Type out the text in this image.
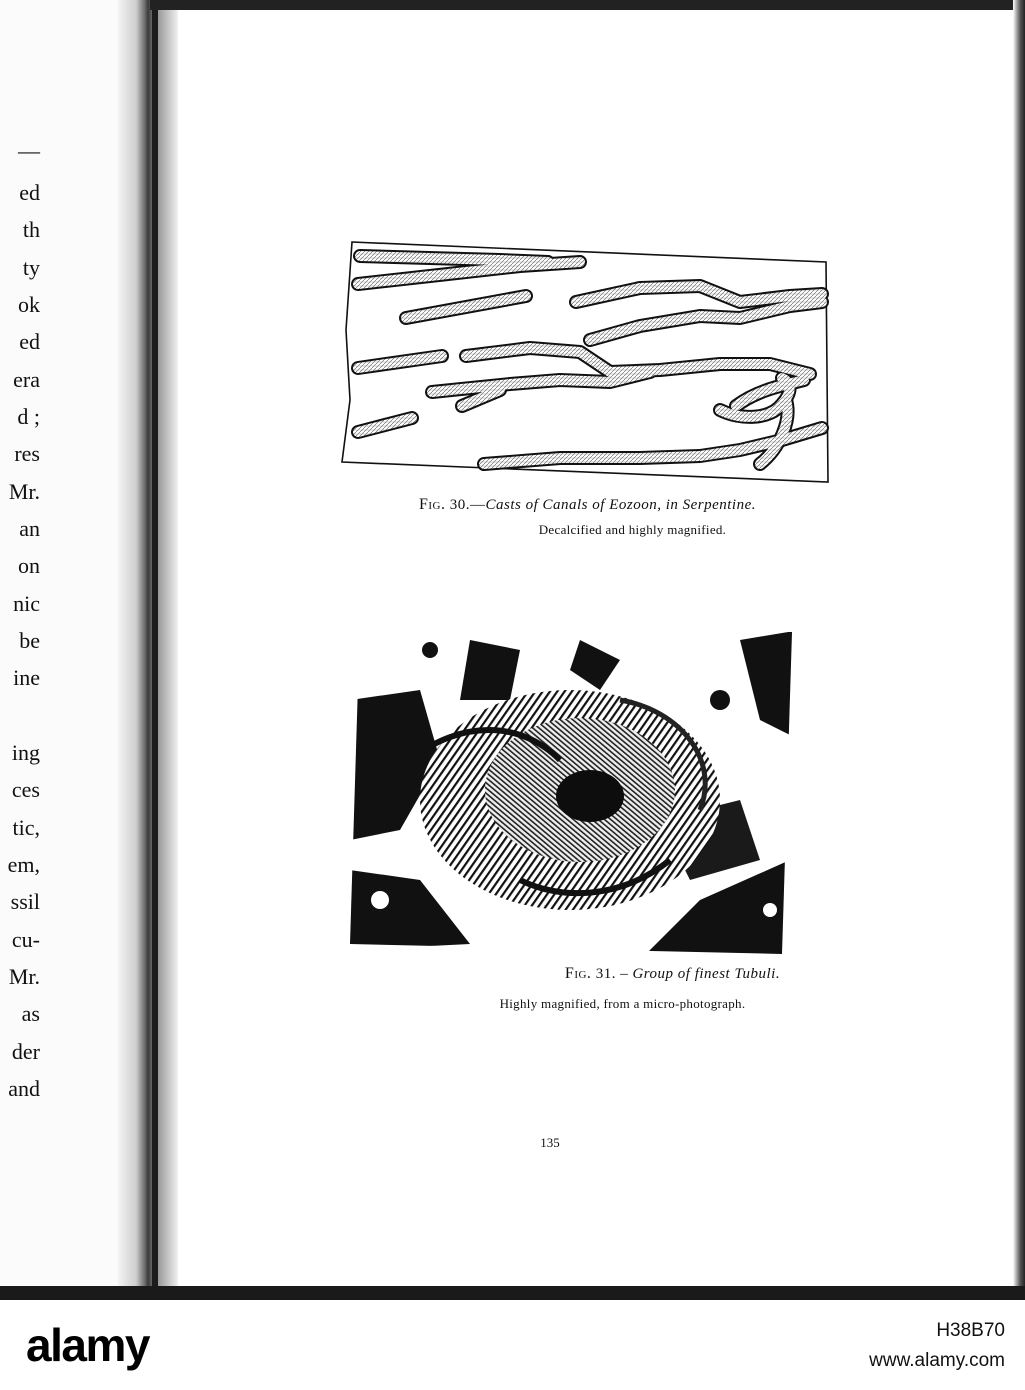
—
ed
th
ty
ok
ed
era
d ;
res
Mr.
an
on
nic
be
ine
ing
ces
tic,
em,
ssil
cu-
Mr.
as
der
and
Fig. 30.—Casts of Canals of Eozoon, in Serpentine.
Decalcified and highly magnified.
Fig. 31. – Group of finest Tubuli.
Highly magnified, from a micro-photograph.
135
alamy	H38B70
www.alamy.com
